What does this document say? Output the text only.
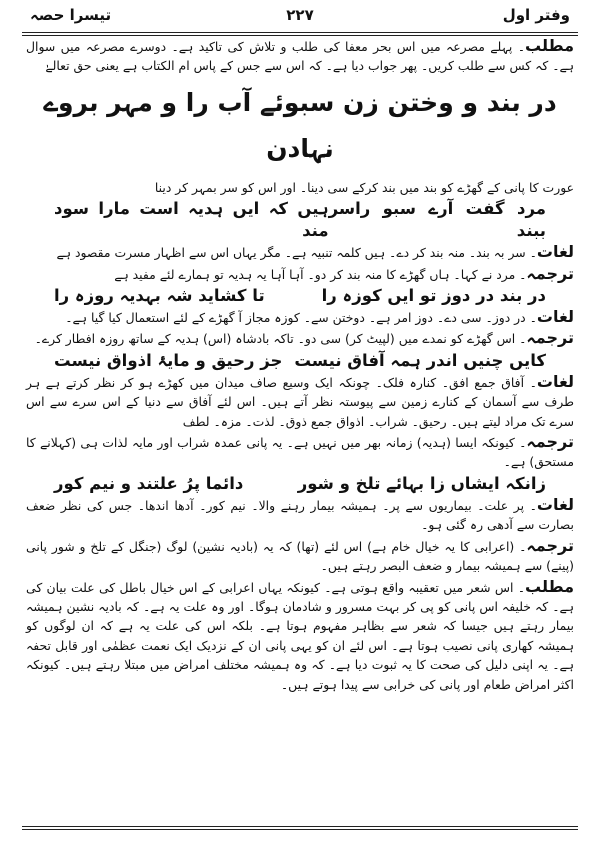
وفتر اول
۲۲۷
تیسرا حصہ
مطلب۔ پہلے مصرعہ میں اس بحر معفا کی طلب و تلاش کی تاکید ہے۔ دوسرے مصرعہ میں سوال ہے۔ کہ کس سے طلب کریں۔ پھر جواب دیا ہے۔ کہ اس سے جس کے پاس ام الکتاب ہے یعنی حق تعالےٰ
در بند و وختن زن سبوئے آب را و مہر بروے نہادن
عورت کا پانی کے گھڑے کو بند میں بند کرکے سی دینا۔ اور اس کو سر بمہر کر دینا
مرد گفت آرے سبو راسر ببند
ہیں کہ ایں ہدیہ است مارا سود مند
لغات۔ سر بہ بند۔ منہ بند کر دے۔ ہیں کلمہ تنبیہ ہے۔ مگر یہاں اس سے اظہار مسرت مقصود ہے
ترجمہ۔ مرد نے کہا۔ ہاں گھڑے کا منہ بند کر دو۔ آہا آہا یہ ہدیہ تو ہمارے لئے مفید ہے
در بند در دوز تو ایں کوزہ را
تا کشاید شہ بہدیہ روزہ را
لغات۔ در دوز۔ سی دے۔ دوز امر ہے۔ دوختن سے۔ کوزہ مجاز آ گھڑے کے لئے استعمال کیا گیا ہے۔
ترجمہ۔ اس گھڑے کو نمدے میں (لپیٹ کر) سی دو۔ تاکہ بادشاہ (اس) ہدیہ کے ساتھ روزہ افطار کرے۔
کایں چنیں اندر ہمہ آفاق نیست
جز رحیق و مایۂ اذواق نیست
لغات۔ آفاق جمع افق۔ کنارہ فلک۔ چونکہ ایک وسیع صاف میدان میں کھڑے ہو کر نظر کرتے ہے ہر طرف سے آسمان کے کنارے زمین سے پیوستہ نظر آتے ہیں۔ اس لئے آفاق سے دنیا کے اس سرے سے اس سرے تک مراد لیتے ہیں۔ رحیق۔ شراب۔ اذواق جمع ذوق۔ لذت۔ مزہ۔ لطف
ترجمہ۔ کیونکہ ایسا (ہدیہ) زمانہ بھر میں نہیں ہے۔ یہ پانی عمدہ شراب اور مایہ لذات ہی (کہلانے کا مستحق) ہے۔
زانکہ ایشاں زا بہائے تلخ و شور
دائما پرُ علتند و نیم کور
لغات۔ پر علت۔ بیماریوں سے پر۔ ہمیشہ بیمار رہنے والا۔ نیم کور۔ آدھا اندھا۔ جس کی نظر ضعف بصارت سے آدھی رہ گئی ہو۔
ترجمہ۔ (اعرابی کا یہ خیال خام ہے) اس لئے (تھا) کہ یہ (بادیہ نشین) لوگ (جنگل کے تلخ و شور پانی (پینے) سے ہمیشہ بیمار و ضعف البصر رہتے ہیں۔
مطلب۔ اس شعر میں تعقیبہ واقع ہوتی ہے۔ کیونکہ یہاں اعرابی کے اس خیال باطل کی علت بیان کی ہے۔ کہ خلیفہ اس پانی کو پی کر بہت مسرور و شادمان ہوگا۔ اور وہ علت یہ ہے۔ کہ بادیہ نشین ہمیشہ بیمار رہتے ہیں جیسا کہ شعر سے بظاہر مفہوم ہوتا ہے۔ بلکہ اس کی علت یہ ہے کہ ان لوگوں کو ہمیشہ کھاری پانی نصیب ہوتا ہے۔ اس لئے ان کو یہی پانی ان کے نزدیک ایک نعمت عظمٰی اور قابل تحفہ ہے۔ یہ اپنی دلیل کی صحت کا یہ ثبوت دیا ہے۔ کہ وہ ہمیشہ مختلف امراض میں مبتلا رہتے ہیں۔ کیونکہ اکثر امراض طعام اور پانی کی خرابی سے پیدا ہوتے ہیں۔
